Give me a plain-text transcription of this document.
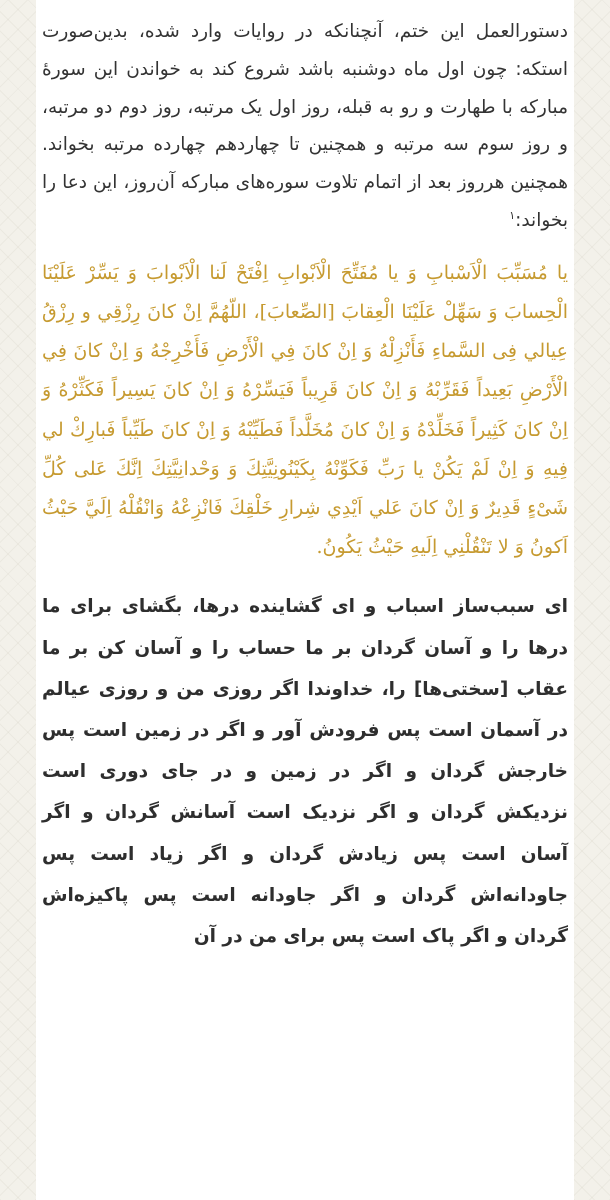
دستورالعمل این ختم، آنچنانکه در روایات وارد شده، بدین‌صورت استکه: چون اول ماه دوشنبه باشد شروع کند به خواندن این سورۀ مبارکه با طهارت و رو به قبله، روز اول یک مرتبه، روز دوم دو مرتبه، و روز سوم سه مرتبه و همچنین تا چهاردهم چهارده مرتبه بخواند. همچنین هرروز بعد از اتمام تلاوت سوره‌های مبارکه آن‌روز، این دعا را بخواند:$^۱$

يا مُسَبِّبَ الْاَسْبابِ وَ يا مُفَتِّحَ الْاَبْوابِ اِفْتَحْ لَنا الْاَبْوابَ وَ يَسِّرْ عَلَيْنَا الْحِسابَ وَ سَهِّلْ عَلَيْنَا الْعِقابَ [الصِّعابَ]، اللّهُمَّ اِنْ كانَ رِزْقِي و رِزْقُ عِيالي فِی السَّماءِ فَأَنْزِلْهُ وَ اِنْ كانَ فِي الْأَرْضِ فَأَخْرِجْهُ وَ اِنْ كانَ فِي الْأَرْضِ بَعِيداً فَقَرِّبْهُ وَ اِنْ كانَ قَرِيباً فَيَسِّرْهُ وَ اِنْ كانَ يَسِيراً فَكَثِّرْهُ وَ اِنْ كانَ كَثِيراً فَخَلِّدْهُ وَ اِنْ كانَ مُخَلَّداً فَطَيِّبْهُ وَ اِنْ كانَ طَيِّباً فَبارِكْ لي فِيهِ وَ اِنْ لَمْ يَكُنْ يا رَبِّ فَكَوِّنْهُ بِكَيْنُونِيَّتِكَ وَ وَحْدانِيَّتِكَ اِنَّكَ عَلی كُلِّ شَیْءٍ قَدِيرٌ وَ اِنْ كانَ عَلي اَيْدِي شِرارِ خَلْقِكَ فَانْزِعْهُ وَانْقُلْهُ اِلَيَّ حَيْثُ اَكونُ وَ لا تَنْقُلْنِي اِلَيهِ حَيْثُ يَكُونُ.

ای سبب‌ساز اسباب و ای گشاینده درها، بگشای برای ما درها را و آسان گردان بر ما حساب را و آسان کن بر ما عقاب [سختی‌ها] را، خداوندا اگر روزی من و روزی عیالم در آسمان است پس فرودش آور و اگر در زمین است پس خارجش گردان و اگر در زمین و در جای دوری است نزدیکش گردان و اگر نزدیک است آسانش گردان و اگر آسان است پس زیادش گردان و اگر زیاد است پس جاودانه‌اش گردان و اگر جاودانه است پس پاکیزه‌اش گردان و اگر پاک است پس برای من در آن
